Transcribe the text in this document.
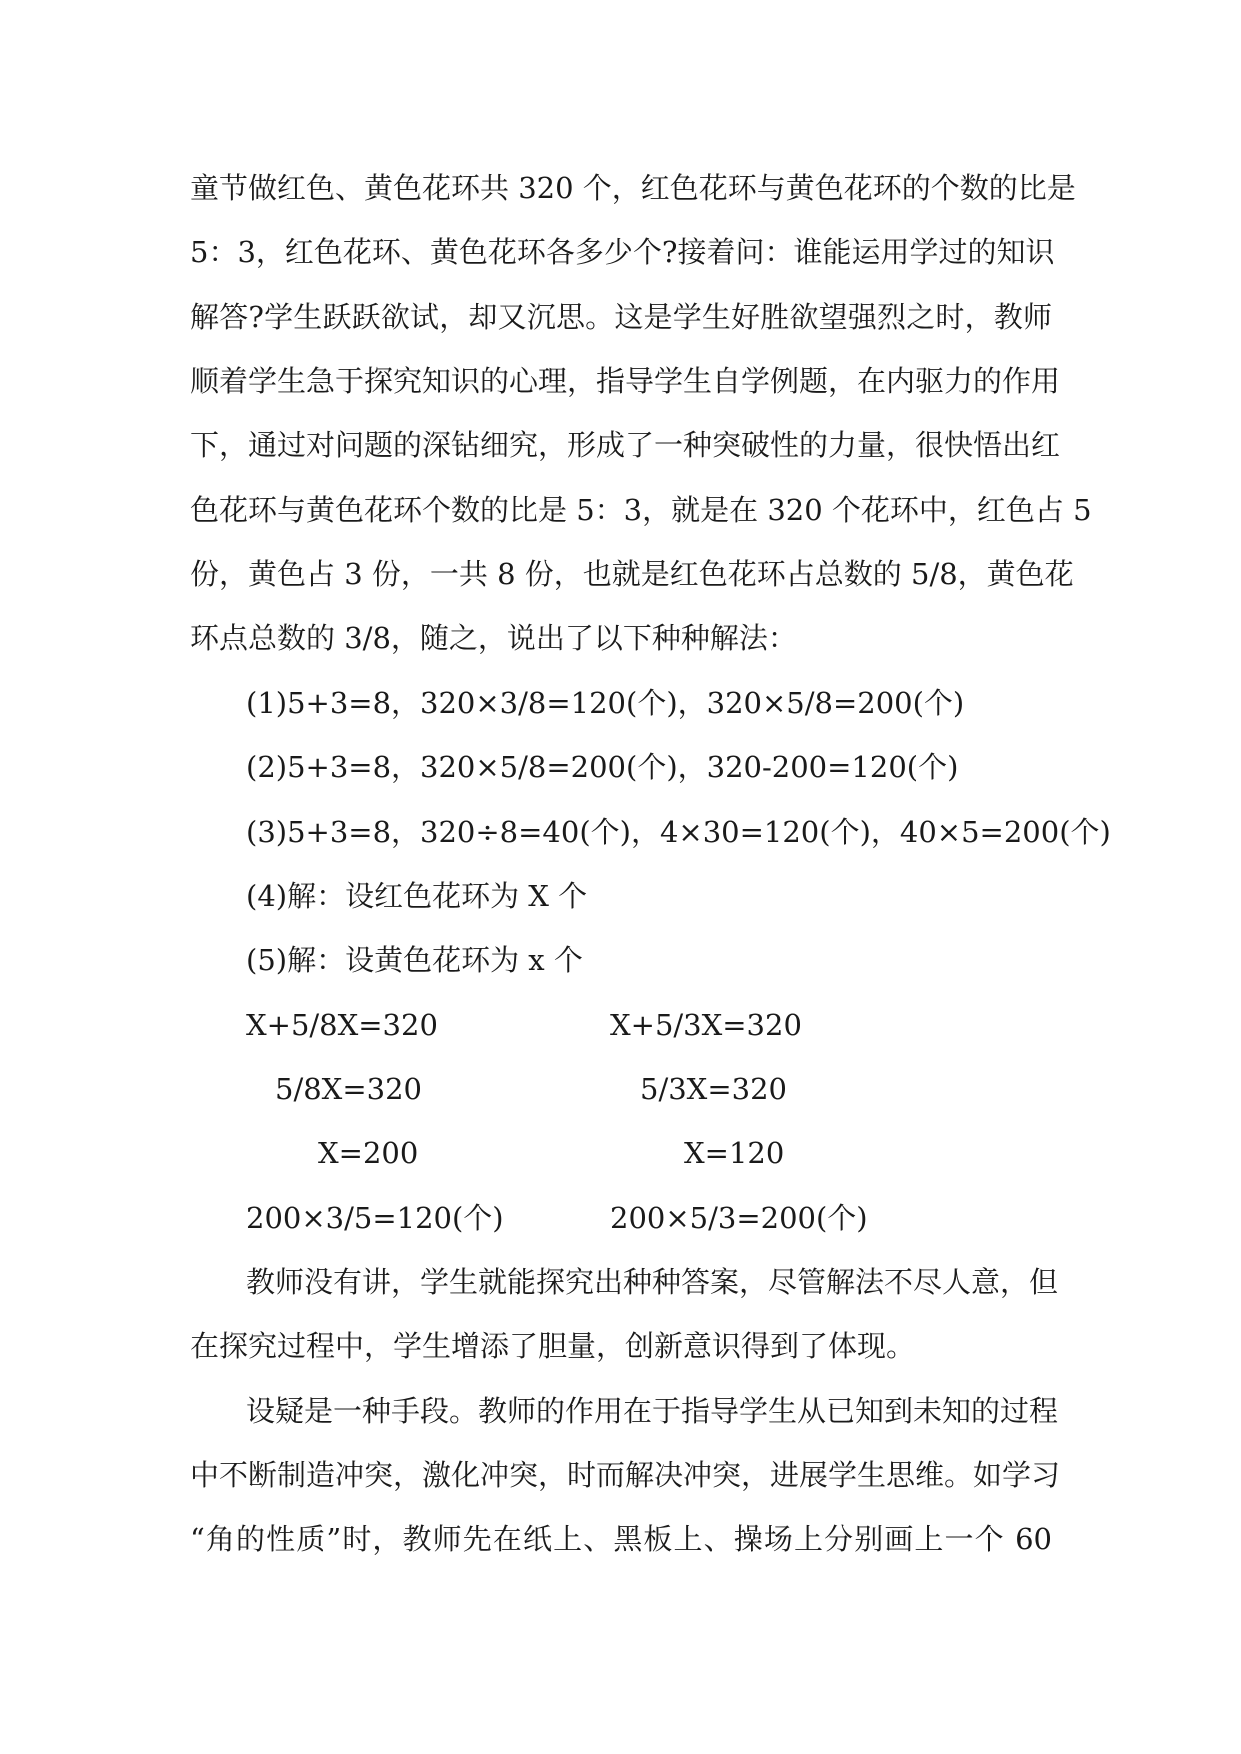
童节做红色、黄色花环共 320 个，红色花环与黄色花环的个数的比是
5：3，红色花环、黄色花环各多少个?接着问：谁能运用学过的知识
解答?学生跃跃欲试，却又沉思。这是学生好胜欲望强烈之时，教师
顺着学生急于探究知识的心理，指导学生自学例题，在内驱力的作用
下，通过对问题的深钻细究，形成了一种突破性的力量，很快悟出红
色花环与黄色花环个数的比是 5：3，就是在 320 个花环中，红色占 5
份，黄色占 3 份，一共 8 份，也就是红色花环占总数的 5/8，黄色花
环点总数的 3/8，随之，说出了以下种种解法：
(1)5+3=8，320×3/8=120(个)，320×5/8=200(个)
(2)5+3=8，320×5/8=200(个)，320-200=120(个)
(3)5+3=8，320÷8=40(个)，4×30=120(个)，40×5=200(个)
(4)解：设红色花环为 X 个
(5)解：设黄色花环为 x 个
X+5/8X=320
5/8X=320
X=200
200×3/5=120(个)
X+5/3X=320
5/3X=320
X=120
200×5/3=200(个)
教师没有讲，学生就能探究出种种答案，尽管解法不尽人意，但
在探究过程中，学生增添了胆量，创新意识得到了体现。
设疑是一种手段。教师的作用在于指导学生从已知到未知的过程
中不断制造冲突，激化冲突，时而解决冲突，进展学生思维。如学习
“角的性质”时，教师先在纸上、黑板上、操场上分别画上一个 60
